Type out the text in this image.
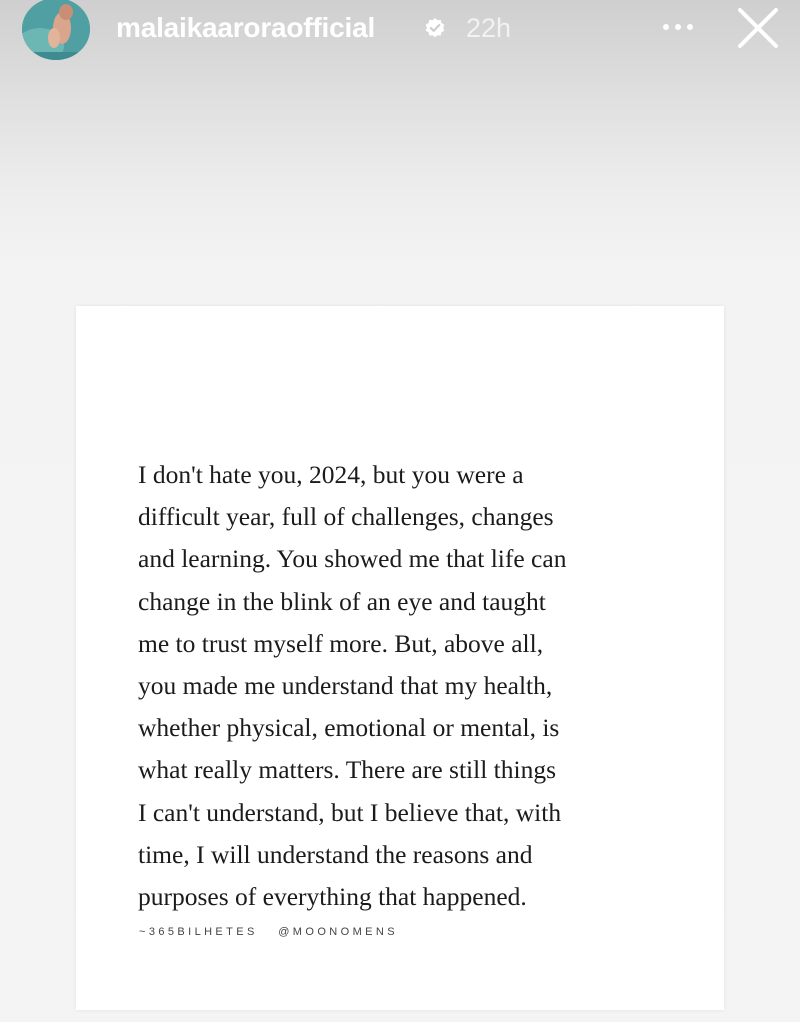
malaikaaroraofficial	22h

I don't hate you, 2024, but you were a
difficult year, full of challenges, changes
and learning. You showed me that life can
change in the blink of an eye and taught
me to trust myself more. But, above all,
you made me understand that my health,
whether physical, emotional or mental, is
what really matters. There are still things
I can't understand, but I believe that, with
time, I will understand the reasons and
purposes of everything that happened.

~365BILHETES @MOONOMENS
